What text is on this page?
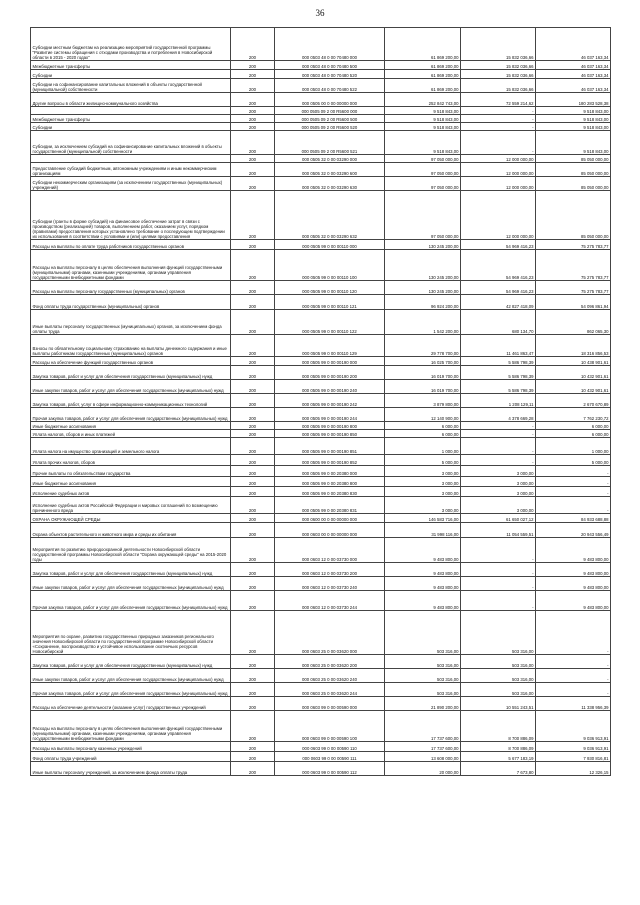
36
Субсидии местным бюджетам на реализацию мероприятий государственной программы "Развитие системы обращения с отходами производства и потребления в Новосибирской области в 2015 - 2020 годах"	200	000 0503 48 0 00 70480 000	61 869 200,00	15 832 036,66	46 037 163,34
Межбюджетные трансферты	200	000 0503 48 0 00 70480 500	61 869 200,00	15 832 036,66	46 037 163,34
Субсидии	200	000 0503 48 0 00 70480 520	61 869 200,00	15 832 036,66	46 037 163,34
Субсидии на софинансирование капитальных вложений в объекты государственной (муниципальной) собственности	200	000 0503 48 0 00 70480 522	61 869 200,00	15 832 036,66	46 037 163,34
Другие вопросы в области жилищно-коммунального хозяйства	200	000 0505 00 0 00 00000 000	252 842 743,00	72 559 214,62	180 283 528,38
	200	000 0505 09 2 00 R5600 000	9 518 843,00	-	9 518 843,00
Межбюджетные трансферты	200	000 0505 09 2 00 R5600 500	9 518 843,00	-	9 518 843,00
Субсидии	200	000 0505 09 2 00 R5600 520	9 518 843,00	-	9 518 843,00
Субсидии, за исключением субсидий на софинансирование капитальных вложений в объекты государственной (муниципальной) собственности	200	000 0505 09 2 00 R5600 521	9 518 843,00	-	9 518 843,00
	200	000 0505 32 0 00 03290 000	97 050 000,00	12 000 000,00	85 050 000,00
Предоставление субсидий бюджетным, автономным учреждениям и иным некоммерческим организациям	200	000 0505 32 0 00 03290 600	97 050 000,00	12 000 000,00	85 050 000,00
Субсидии некоммерческим организациям (за исключением государственных (муниципальных) учреждений)	200	000 0505 32 0 00 03290 630	97 050 000,00	12 000 000,00	85 050 000,00
Субсидии (гранты в форме субсидий) на финансовое обеспечение затрат в связи с производством (реализацией) товаров, выполнением работ, оказанием услуг, порядком (правилами) предоставления которых установлено требование о последующем подтверждении их использования в соответствии с условиями и (или) целями предоставления	200	000 0505 32 0 00 03290 632	97 050 000,00	12 000 000,00	85 050 000,00
Расходы на выплаты по оплате труда работников государственных органов	200	000 0505 99 0 00 00110 000	130 245 200,00	54 969 416,23	75 275 783,77
Расходы на выплаты персоналу в целях обеспечения выполнения функций государственными (муниципальными) органами, казенными учреждениями, органами управления государственными внебюджетными фондами	200	000 0505 99 0 00 00110 100	130 245 200,00	54 969 416,23	75 275 783,77
Расходы на выплаты персоналу государственных (муниципальных) органов	200	000 0505 99 0 00 00110 120	130 245 200,00	54 969 416,23	75 275 783,77
Фонд оплаты труда государственных (муниципальных) органов	200	000 0505 99 0 00 00110 121	96 924 200,00	42 827 418,09	54 096 861,94
Иные выплаты персоналу государственных (муниципальных) органов, за исключением фонда оплаты труда	200	000 0505 99 0 00 00110 122	1 542 200,00	680 134,70	862 065,30
Взносы по обязательному социальному страхованию на выплаты денежного содержания и иные выплаты работникам государственных (муниципальных) органов	200	000 0505 99 0 00 00110 129	29 778 700,00	11 461 863,47	18 316 856,53
Расходы на обеспечение функций государственных органов	200	000 0505 99 0 00 00190 000	16 025 700,00	5 586 798,39	10 438 901,61
Закупка товаров, работ и услуг для обеспечения государственных (муниципальных) нужд	200	000 0505 99 0 00 00190 200	16 019 700,00	5 586 798,39	10 432 901,61
Иные закупки товаров, работ и услуг для обеспечения государственных (муниципальных) нужд	200	000 0505 99 0 00 00190 240	16 019 700,00	5 586 798,39	10 432 901,61
Закупка товаров, работ, услуг в сфере информационно-коммуникационных технологий	200	000 0505 99 0 00 00190 242	3 879 800,00	1 208 129,11	2 670 670,89
Прочая закупка товаров, работ и услуг для обеспечения государственных (муниципальных) нужд	200	000 0505 99 0 00 00190 244	12 140 900,00	4 378 669,28	7 762 230,72
Иные бюджетные ассигнования	200	000 0505 99 0 00 00190 800	6 000,00	-	6 000,00
Уплата налогов, сборов и иных платежей	200	000 0505 99 0 00 00190 850	6 000,00	-	6 000,00
Уплата налога на имущество организаций и земельного налога	200	000 0505 99 0 00 00190 851	1 000,00	-	1 000,00
Уплата прочих налогов, сборов	200	000 0505 99 0 00 00190 852	5 000,00	-	5 000,00
Прочие выплаты по обязательствам государства	200	000 0505 99 0 00 20380 000	3 000,00	3 000,00	-
Иные бюджетные ассигнования	200	000 0505 99 0 00 20380 800	3 000,00	3 000,00	-
Исполнение судебных актов	200	000 0505 99 0 00 20380 830	3 000,00	3 000,00	-
Исполнение судебных актов Российской Федерации и мировых соглашений по возмещению причиненного вреда	200	000 0505 99 0 00 20380 831	3 000,00	3 000,00	-
ОХРАНА ОКРУЖАЮЩЕЙ СРЕДЫ	200	000 0600 00 0 00 00000 000	146 583 716,00	61 650 027,12	84 933 688,88
Охрана объектов растительного и животного мира и среды их обитания	200	000 0603 00 0 00 00000 000	31 998 116,00	11 054 559,51	20 943 556,49
Мероприятия по развитию природоохранной деятельности Новосибирской области государственной программы Новосибирской области "Охрана окружающей среды" на 2015-2020 годы	200	000 0603 12 0 00 03730 000	9 483 800,00	-	9 483 800,00
Закупка товаров, работ и услуг для обеспечения государственных (муниципальных) нужд	200	000 0603 12 0 00 03730 200	9 483 800,00	-	9 483 800,00
Иные закупки товаров, работ и услуг для обеспечения государственных (муниципальных) нужд	200	000 0603 12 0 00 03730 240	9 483 800,00	-	9 483 800,00
Прочая закупка товаров, работ и услуг для обеспечения государственных (муниципальных) нужд	200	000 0603 12 0 00 03730 244	9 483 800,00	-	9 483 800,00
Мероприятия по охране, развитию государственных природных заказников регионального значения Новосибирской области по государственной программе Новосибирской области «Сохранение, воспроизводство и устойчивое использование охотничьих ресурсов Новосибирской	200	000 0603 25 0 00 03620 000	503 316,00	503 316,00	-
Закупка товаров, работ и услуг для обеспечения государственных (муниципальных) нужд	200	000 0603 25 0 00 03620 200	503 316,00	503 316,00	-
Иные закупки товаров, работ и услуг для обеспечения государственных (муниципальных) нужд	200	000 0603 25 0 00 03620 240	503 316,00	503 316,00	-
Прочая закупка товаров, работ и услуг для обеспечения государственных (муниципальных) нужд	200	000 0603 25 0 00 03620 244	503 316,00	503 316,00	-
Расходы на обеспечение деятельности (оказание услуг) государственных учреждений	200	000 0603 99 0 00 00590 000	21 890 200,00	10 551 243,51	11 338 956,39
Расходы на выплаты персоналу в целях обеспечения выполнения функций государственными (муниципальными) органами, казенными учреждениями, органами управления государственными внебюджетными фондами	200	000 0603 99 0 00 00590 100	17 737 600,00	8 700 886,09	9 036 913,91
Расходы на выплаты персоналу казенных учреждений	200	000 0603 99 0 00 00590 110	17 737 600,00	8 700 886,09	9 036 913,91
Фонд оплаты труда учреждений	200	000 0603 99 0 00 00590 111	13 608 000,00	5 677 183,19	7 930 816,81
Иные выплаты персоналу учреждений, за исключением фонда оплаты труда	200	000 0603 99 0 00 00590 112	20 000,00	7 673,80	12 326,15
